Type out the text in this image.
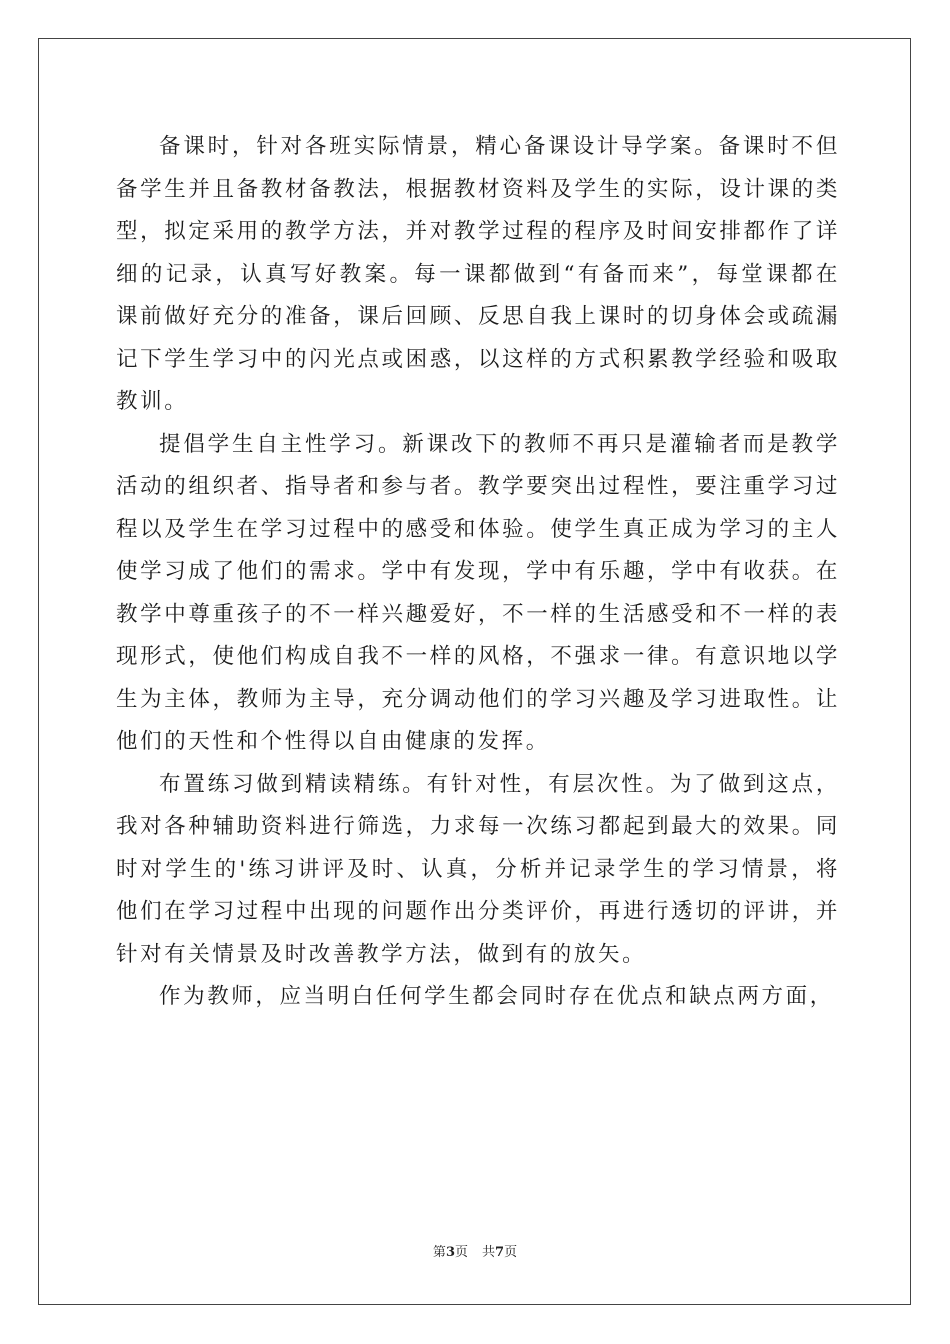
备课时，针对各班实际情景，精心备课设计导学案。备课时不但备学生并且备教材备教法，根据教材资料及学生的实际，设计课的类型，拟定采用的教学方法，并对教学过程的程序及时间安排都作了详细的记录，认真写好教案。每一课都做到“有备而来”，每堂课都在课前做好充分的准备，课后回顾、反思自我上课时的切身体会或疏漏记下学生学习中的闪光点或困惑，以这样的方式积累教学经验和吸取教训。

提倡学生自主性学习。新课改下的教师不再只是灌输者而是教学活动的组织者、指导者和参与者。教学要突出过程性，要注重学习过程以及学生在学习过程中的感受和体验。使学生真正成为学习的主人使学习成了他们的需求。学中有发现，学中有乐趣，学中有收获。在教学中尊重孩子的不一样兴趣爱好，不一样的生活感受和不一样的表现形式，使他们构成自我不一样的风格，不强求一律。有意识地以学生为主体，教师为主导，充分调动他们的学习兴趣及学习进取性。让他们的天性和个性得以自由健康的发挥。

布置练习做到精读精练。有针对性，有层次性。为了做到这点，我对各种辅助资料进行筛选，力求每一次练习都起到最大的效果。同时对学生的'练习讲评及时、认真，分析并记录学生的学习情景，将他们在学习过程中出现的问题作出分类评价，再进行透切的评讲，并针对有关情景及时改善教学方法，做到有的放矢。

作为教师，应当明白任何学生都会同时存在优点和缺点两方面，

第3页 共7页
